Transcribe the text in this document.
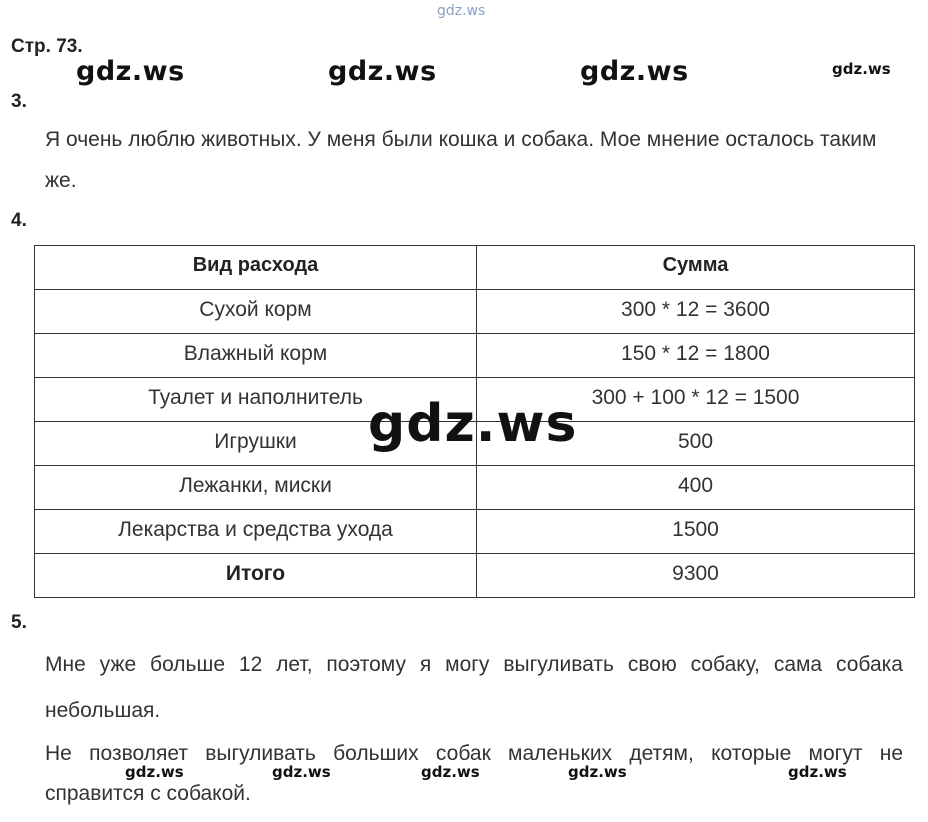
gdz.ws
gdz.ws	gdz.ws	gdz.ws	gdz.ws
Стр. 73.
3.
Я очень люблю животных. У меня были кошка и собака. Мое мнение осталось таким же.
4.
Вид расхода	Сумма
Сухой корм	300 * 12 = 3600
Влажный корм	150 * 12 = 1800
Туалет и наполнитель	300 + 100 * 12 = 1500
Игрушки	500
Лежанки, миски	400
Лекарства и средства ухода	1500
Итого	9300
gdz.ws
5.
Мне уже больше 12 лет, поэтому я могу выгуливать свою собаку, сама собака небольшая.
Не позволяет выгуливать больших собак маленьких детям, которые могут не справится с собакой.
gdz.ws	gdz.ws	gdz.ws	gdz.ws	gdz.ws
